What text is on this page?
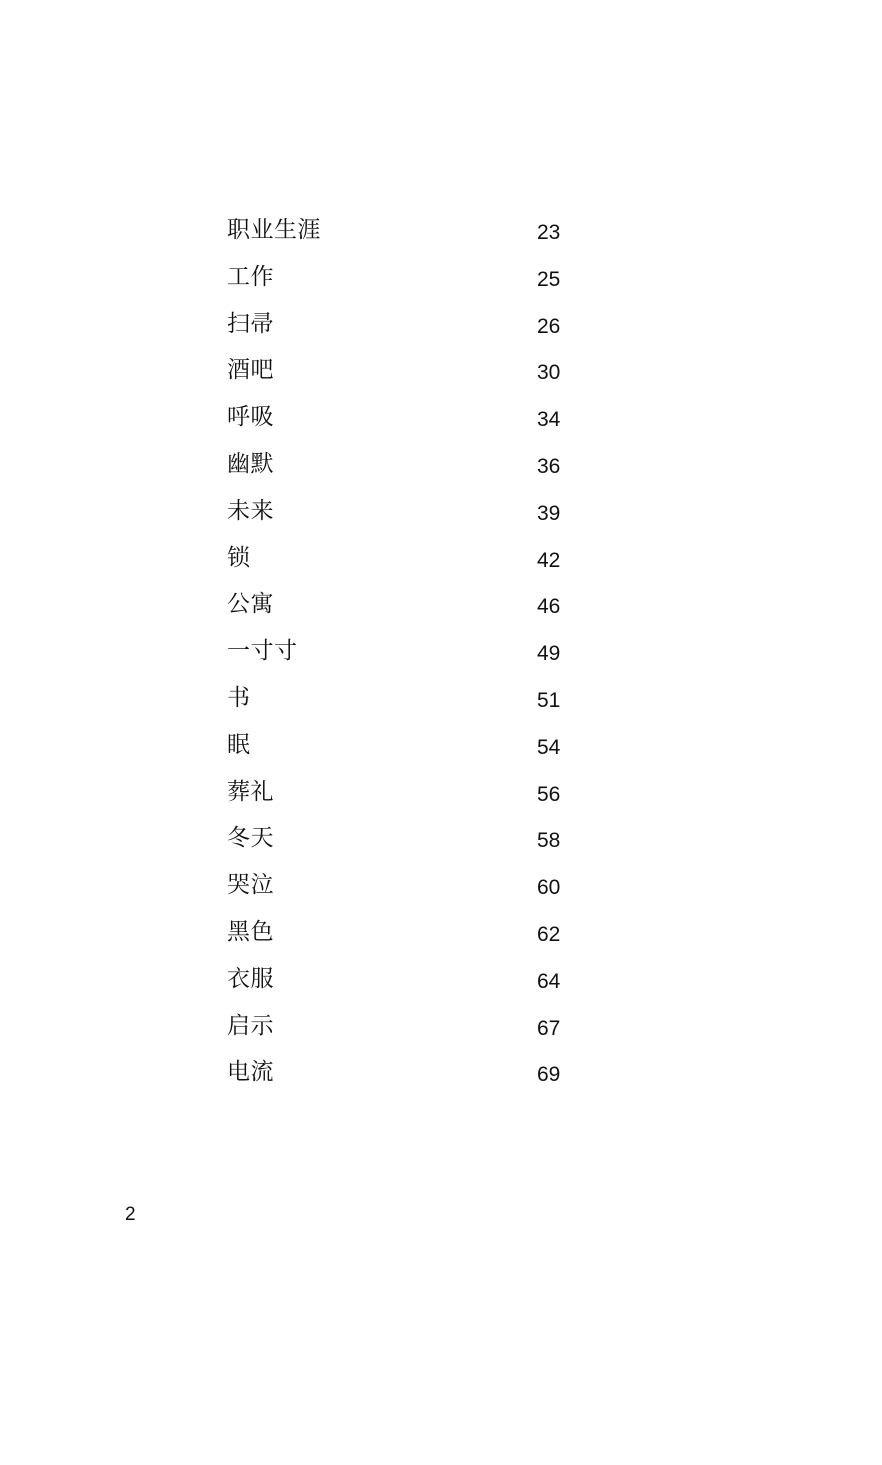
职业生涯	23
工作	25
扫帚	26
酒吧	30
呼吸	34
幽默	36
未来	39
锁	42
公寓	46
一寸寸	49
书	51
眠	54
葬礼	56
冬天	58
哭泣	60
黑色	62
衣服	64
启示	67
电流	69
2
